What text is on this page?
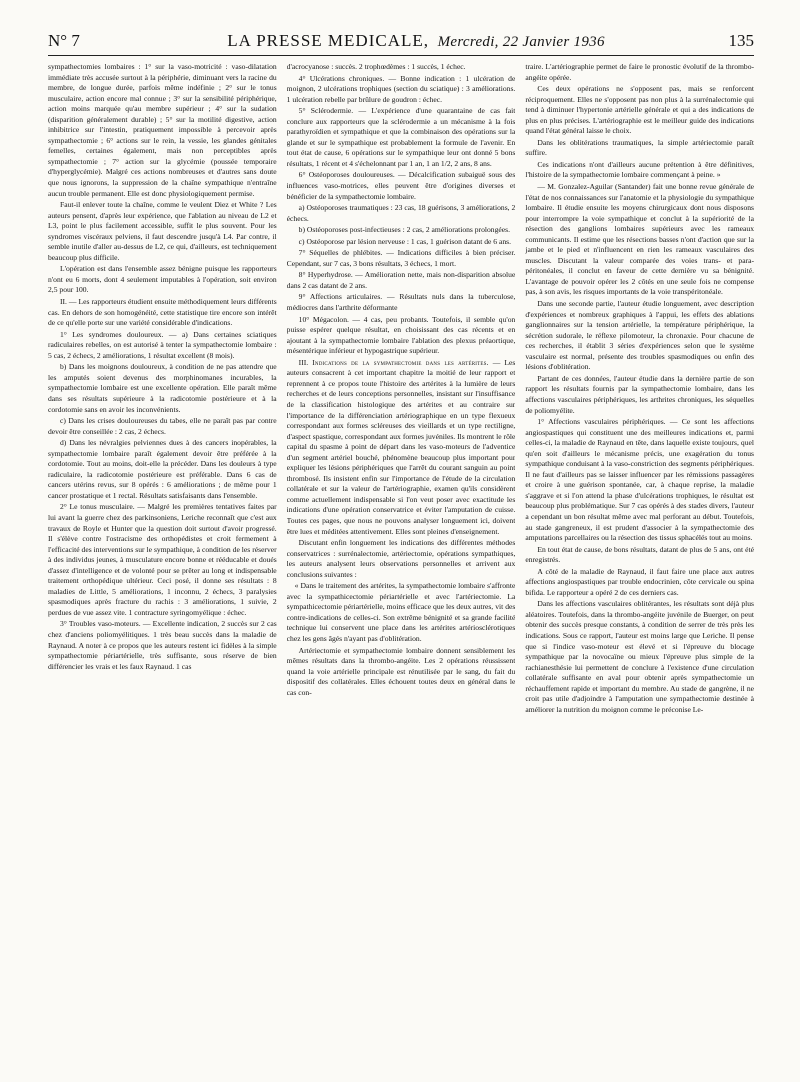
N° 7	LA PRESSE MEDICALE, Mercredi, 22 Janvier 1936	135

sympathectomies lombaires : 1° sur la vaso-motricité : vaso-dilatation immédiate très accusée surtout à la périphérie, diminuant vers la racine du membre, de longue durée, parfois même indéfinie ; 2° sur le tonus musculaire, action encore mal connue ; 3° sur la sensibilité périphérique, action moins marquée qu'au membre supérieur ; 4° sur la sudation (disparition généralement durable) ; 5° sur la motilité digestive, action inhibitrice sur l'intestin, pratiquement impossible à percevoir après sympathectomie ; 6° actions sur le rein, la vessie, les glandes génitales femelles, certaines également, mais non perceptibles après sympathectomie ; 7° action sur la glycémie (poussée temporaire d'hyperglycémie). Malgré ces actions nombreuses et d'autres sans doute que nous ignorons, la suppression de la chaîne sympathique n'entraîne aucun trouble permanent. Elle est donc physiologiquement permise.

Faut-il enlever toute la chaîne, comme le veulent Diez et White ? Les auteurs pensent, d'après leur expérience, que l'ablation au niveau de L2 et L3, point le plus facilement accessible, suffit le plus souvent. Pour les syndromes viscéraux pelviens, il faut descendre jusqu'à L4. Par contre, il semble inutile d'aller au-dessus de L2, ce qui, d'ailleurs, est techniquement beaucoup plus difficile.

L'opération est dans l'ensemble assez bénigne puisque les rapporteurs n'ont eu 6 morts, dont 4 seulement imputables à l'opération, soit environ 2,5 pour 100.

II. — Les rapporteurs étudient ensuite méthodiquement leurs différents cas. En dehors de son homogénéité, cette statistique tire encore son intérêt de ce qu'elle porte sur une variété considérable d'indications.

1° Les syndromes douloureux. — a) Dans certaines sciatiques radiculaires rebelles, on est autorisé à tenter la sympathectomie lombaire : 5 cas, 2 échecs, 2 améliorations, 1 résultat excellent (8 mois).

b) Dans les moignons douloureux, à condition de ne pas attendre que les amputés soient devenus des morphinomanes incurables, la sympathectomie lombaire est une excellente opération. Elle paraît même dans ses résultats supérieure à la radicotomie postérieure et à la cordotomie sans en avoir les inconvénients.

c) Dans les crises douloureuses du tabes, elle ne paraît pas par contre devoir être conseillée : 2 cas, 2 échecs.

d) Dans les névralgies pelviennes dues à des cancers inopérables, la sympathectomie lombaire paraît également devoir être préférée à la cordotomie. Tout au moins, doit-elle la précéder. Dans les douleurs à type radiculaire, la radicotomie postérieure est préférable. Dans 6 cas de cancers utérins revus, sur 8 opérés : 6 améliorations ; de même pour 1 cancer prostatique et 1 rectal. Résultats satisfaisants dans l'ensemble.

2° Le tonus musculaire. — Malgré les premières tentatives faites par lui avant la guerre chez des parkinsoniens, Leriche reconnaît que c'est aux travaux de Royle et Hunter que la question doit surtout d'avoir progressé. Il s'élève contre l'ostracisme des orthopédistes et croit fermement à l'efficacité des interventions sur le sympathique, à condition de les réserver à des individus jeunes, à musculature encore bonne et rééducable et doués d'assez d'intelligence et de volonté pour se prêter au long et indispensable traitement orthopédique ultérieur. Ceci posé, il donne ses résultats : 8 maladies de Little, 5 améliorations, 1 inconnu, 2 échecs, 3 paralysies spasmodiques après fracture du rachis : 3 améliorations, 1 suivie, 2 perdues de vue assez vite. 1 contracture syringomyélique : échec.

3° Troubles vaso-moteurs. — Excellente indication, 2 succès sur 2 cas chez d'anciens poliomyélitiques. 1 très beau succès dans la maladie de Raynaud. A noter à ce propos que les auteurs restent ici fidèles à la simple sympathectomie périartérielle, très suffisante, sous réserve de bien différencier les vrais et les faux Raynaud. 1 cas

d'acrocyanose : succès. 2 trophœdèmes : 1 succès, 1 échec.

4° Ulcérations chroniques. — Bonne indication : 1 ulcération de moignon, 2 ulcérations trophiques (section du sciatique) : 3 améliorations. 1 ulcération rebelle par brûlure de goudron : échec.

5° Sclérodermie. — L'expérience d'une quarantaine de cas fait conclure aux rapporteurs que la sclérodermie a un mécanisme à la fois parathyroïdien et sympathique et que la combinaison des opérations sur la glande et sur le sympathique est probablement la formule de l'avenir. En tout état de cause, 6 opérations sur le sympathique leur ont donné 5 bons résultats, 1 récent et 4 s'échelonnant par 1 an, 1 an 1/2, 2 ans, 8 ans.

6° Ostéoporoses douloureuses. — Décalcification subaiguë sous des influences vaso-motrices, elles peuvent être d'origines diverses et bénéficier de la sympathectomie lombaire.

a) Ostéoporoses traumatiques : 23 cas, 18 guérisons, 3 améliorations, 2 échecs.

b) Ostéoporoses post-infectieuses : 2 cas, 2 améliorations prolongées.

c) Ostéoporose par lésion nerveuse : 1 cas, 1 guérison datant de 6 ans.

7° Séquelles de phlébites. — Indications difficiles à bien préciser. Cependant, sur 7 cas, 3 bons résultats, 3 échecs, 1 mort.

8° Hyperhydrose. — Amélioration nette, mais non-disparition absolue dans 2 cas datant de 2 ans.

9° Affections articulaires. — Résultats nuls dans la tuberculose, médiocres dans l'arthrite déformante

10° Mégacolon. — 4 cas, peu probants. Toutefois, il semble qu'on puisse espérer quelque résultat, en choisissant des cas récents et en ajoutant à la sympathectomie lombaire l'ablation des plexus préaortique, mésentérique inférieur et hypogastrique supérieur.

III. Indications de la sympathectomie dans les artérites. — Les auteurs consacrent à cet important chapitre la moitié de leur rapport et reprennent à ce propos toute l'histoire des artérites à la lumière de leurs recherches et de leurs conceptions personnelles, insistant sur l'insuffisance de la classification histologique des artérites et au contraire sur l'importance de la différenciation artériographique en un type flexueux correspondant aux formes scléreuses des vieillards et un type rectiligne, d'aspect spastique, correspondant aux formes juvéniles. Ils montrent le rôle capital du spasme à point de départ dans les vaso-moteurs de l'adventice d'un segment artériel bouché, phénomène beaucoup plus important pour expliquer les lésions périphériques que l'arrêt du courant sanguin au point thrombosé. Ils insistent enfin sur l'importance de l'étude de la circulation collatérale et sur la valeur de l'artériographie, examen qu'ils considèrent comme actuellement indispensable si l'on veut poser avec exactitude les indications d'une opération conservatrice et éviter l'amputation de cuisse. Toutes ces pages, que nous ne pouvons analyser longuement ici, doivent être lues et méditées attentivement. Elles sont pleines d'enseignement.

Discutant enfin longuement les indications des différentes méthodes conservatrices : surrénalectomie, artériectomie, opérations sympathiques, les auteurs analysent leurs observations personnelles et arrivent aux conclusions suivantes :

« Dans le traitement des artérites, la sympathectomie lombaire s'affronte avec la sympathicectomie périartérielle et avec l'artériectomie. La sympathicectomie périartérielle, moins efficace que les deux autres, vit des contre-indications de celles-ci. Son extrême bénignité et sa grande facilité technique lui conservent une place dans les artérites artériosclérotiques chez les gens âgés n'ayant pas d'oblitération.

Artériectomie et sympathectomie lombaire donnent sensiblement les mêmes résultats dans la thrombo-angéite. Les 2 opérations réussissent quand la voie artérielle principale est rénutilisée par le sang, du fait du dispositif des collatérales. Elles échouent toutes deux en général dans le cas con-

traire. L'artériographie permet de faire le pronostic évolutif de la thrombo-angéite opérée.

Ces deux opérations ne s'opposent pas, mais se renforcent réciproquement. Elles ne s'opposent pas non plus à la surrénalectomie qui tend à diminuer l'hypertonie artérielle générale et qui a des indications de plus en plus précises. L'artériographie est le meilleur guide des indications quand l'état général laisse le choix.

Dans les oblitérations traumatiques, la simple artériectomie paraît suffire.

Ces indications n'ont d'ailleurs aucune prétention à être définitives, l'histoire de la sympathectomie lombaire commençant à peine. »

— M. Gonzalez-Aguilar (Santander) fait une bonne revue générale de l'état de nos connaissances sur l'anatomie et la physiologie du sympathique lombaire. Il étudie ensuite les moyens chirurgicaux dont nous disposons pour interrompre la voie sympathique et conclut à la supériorité de la résection des ganglions lombaires supérieurs avec les rameaux communicants. Il estime que les résections basses n'ont d'action que sur la jambe et le pied et n'influencent en rien les rameaux vasculaires des muscles. Discutant la valeur comparée des voies trans- et para-péritonéales, il conclut en faveur de cette dernière vu sa bénignité. L'avantage de pouvoir opérer les 2 côtés en une seule fois ne compense pas, à son avis, les risques importants de la voie transpéritonéale.

Dans une seconde partie, l'auteur étudie longuement, avec description d'expériences et nombreux graphiques à l'appui, les effets des ablations ganglionnaires sur la tension artérielle, la température périphérique, la sécrétion sudorale, le réflexe pilomoteur, la chronaxie. Pour chacune de ces recherches, il établit 3 séries d'expériences selon que le système vasculaire est normal, présente des troubles spasmodiques ou enfin des lésions d'oblitération.

Partant de ces données, l'auteur étudie dans la dernière partie de son rapport les résultats fournis par la sympathectomie lombaire, dans les affections vasculaires périphériques, les arthrites chroniques, les séquelles de poliomyélite.

1° Affections vasculaires périphériques. — Ce sont les affections angiospastiques qui constituent une des meilleures indications et, parmi celles-ci, la maladie de Raynaud en tête, dans laquelle existe toujours, quel qu'en soit d'ailleurs le mécanisme précis, une exagération du tonus sympathique conduisant à la vaso-constriction des segments périphériques. Il ne faut d'ailleurs pas se laisser influencer par les rémissions passagères et croire à une guérison spontanée, car, à chaque reprise, la maladie s'aggrave et si l'on attend la phase d'ulcérations trophiques, le résultat est beaucoup plus problématique. Sur 7 cas opérés à des stades divers, l'auteur a cependant un bon résultat même avec mal perforant au début. Toutefois, au stade gangreneux, il est prudent d'associer à la sympathectomie des amputations parcellaires ou la résection des tissus sphacélés tout au moins.

En tout état de cause, de bons résultats, datant de plus de 5 ans, ont été enregistrés.

A côté de la maladie de Raynaud, il faut faire une place aux autres affections angiospastiques par trouble endocrinien, côte cervicale ou spina bifida. Le rapporteur a opéré 2 de ces derniers cas.

Dans les affections vasculaires oblitérantes, les résultats sont déjà plus aléatoires. Toutefois, dans la thrombo-angéite juvénile de Buerger, on peut obtenir des succès presque constants, à condition de serrer de très près les indications. Sous ce rapport, l'auteur est moins large que Leriche. Il pense que si l'indice vaso-moteur est élevé et si l'épreuve du blocage sympathique par la novocaïne ou mieux l'épreuve plus simple de la rachianesthésie lui permettent de conclure à l'existence d'une circulation collatérale suffisante en aval pour obtenir après sympathectomie un réchauffement rapide et important du membre. Au stade de gangrène, il ne croit pas utile d'adjoindre à l'amputation une sympathectomie destinée à améliorer la nutrition du moignon comme le préconise Le-
